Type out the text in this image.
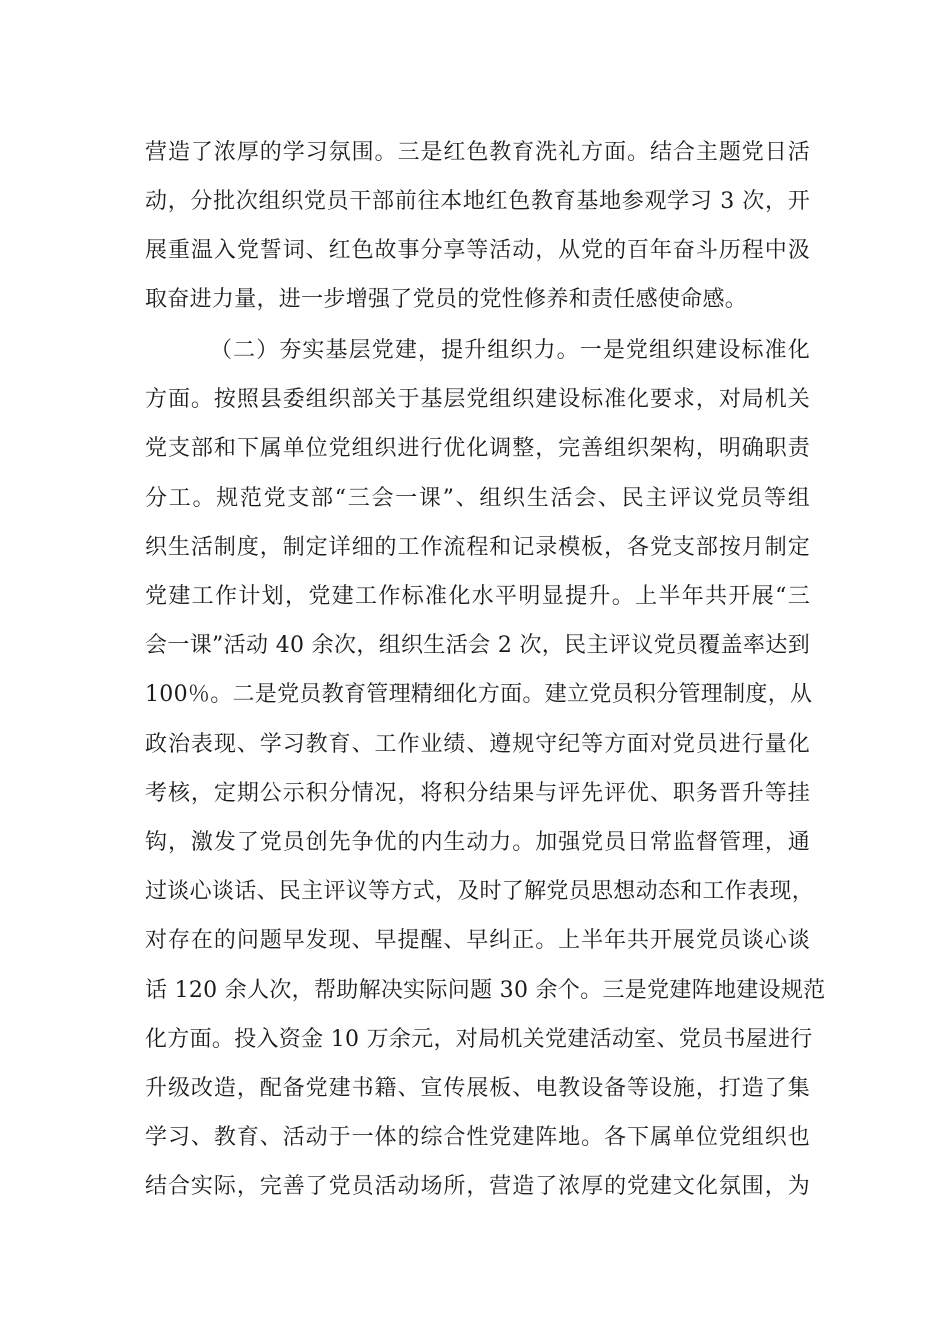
营造了浓厚的学习氛围。三是红色教育洗礼方面。结合主题党日活
动，分批次组织党员干部前往本地红色教育基地参观学习 3 次，开
展重温入党誓词、红色故事分享等活动，从党的百年奋斗历程中汲
取奋进力量，进一步增强了党员的党性修养和责任感使命感。
（二）夯实基层党建，提升组织力。一是党组织建设标准化
方面。按照县委组织部关于基层党组织建设标准化要求，对局机关
党支部和下属单位党组织进行优化调整，完善组织架构，明确职责
分工。规范党支部“三会一课”、组织生活会、民主评议党员等组
织生活制度，制定详细的工作流程和记录模板，各党支部按月制定
党建工作计划，党建工作标准化水平明显提升。上半年共开展“三
会一课”活动 40 余次，组织生活会 2 次，民主评议党员覆盖率达到
100％。二是党员教育管理精细化方面。建立党员积分管理制度，从
政治表现、学习教育、工作业绩、遵规守纪等方面对党员进行量化
考核，定期公示积分情况，将积分结果与评先评优、职务晋升等挂
钩，激发了党员创先争优的内生动力。加强党员日常监督管理，通
过谈心谈话、民主评议等方式，及时了解党员思想动态和工作表现，
对存在的问题早发现、早提醒、早纠正。上半年共开展党员谈心谈
话 120 余人次，帮助解决实际问题 30 余个。三是党建阵地建设规范
化方面。投入资金 10 万余元，对局机关党建活动室、党员书屋进行
升级改造，配备党建书籍、宣传展板、电教设备等设施，打造了集
学习、教育、活动于一体的综合性党建阵地。各下属单位党组织也
结合实际，完善了党员活动场所，营造了浓厚的党建文化氛围，为
